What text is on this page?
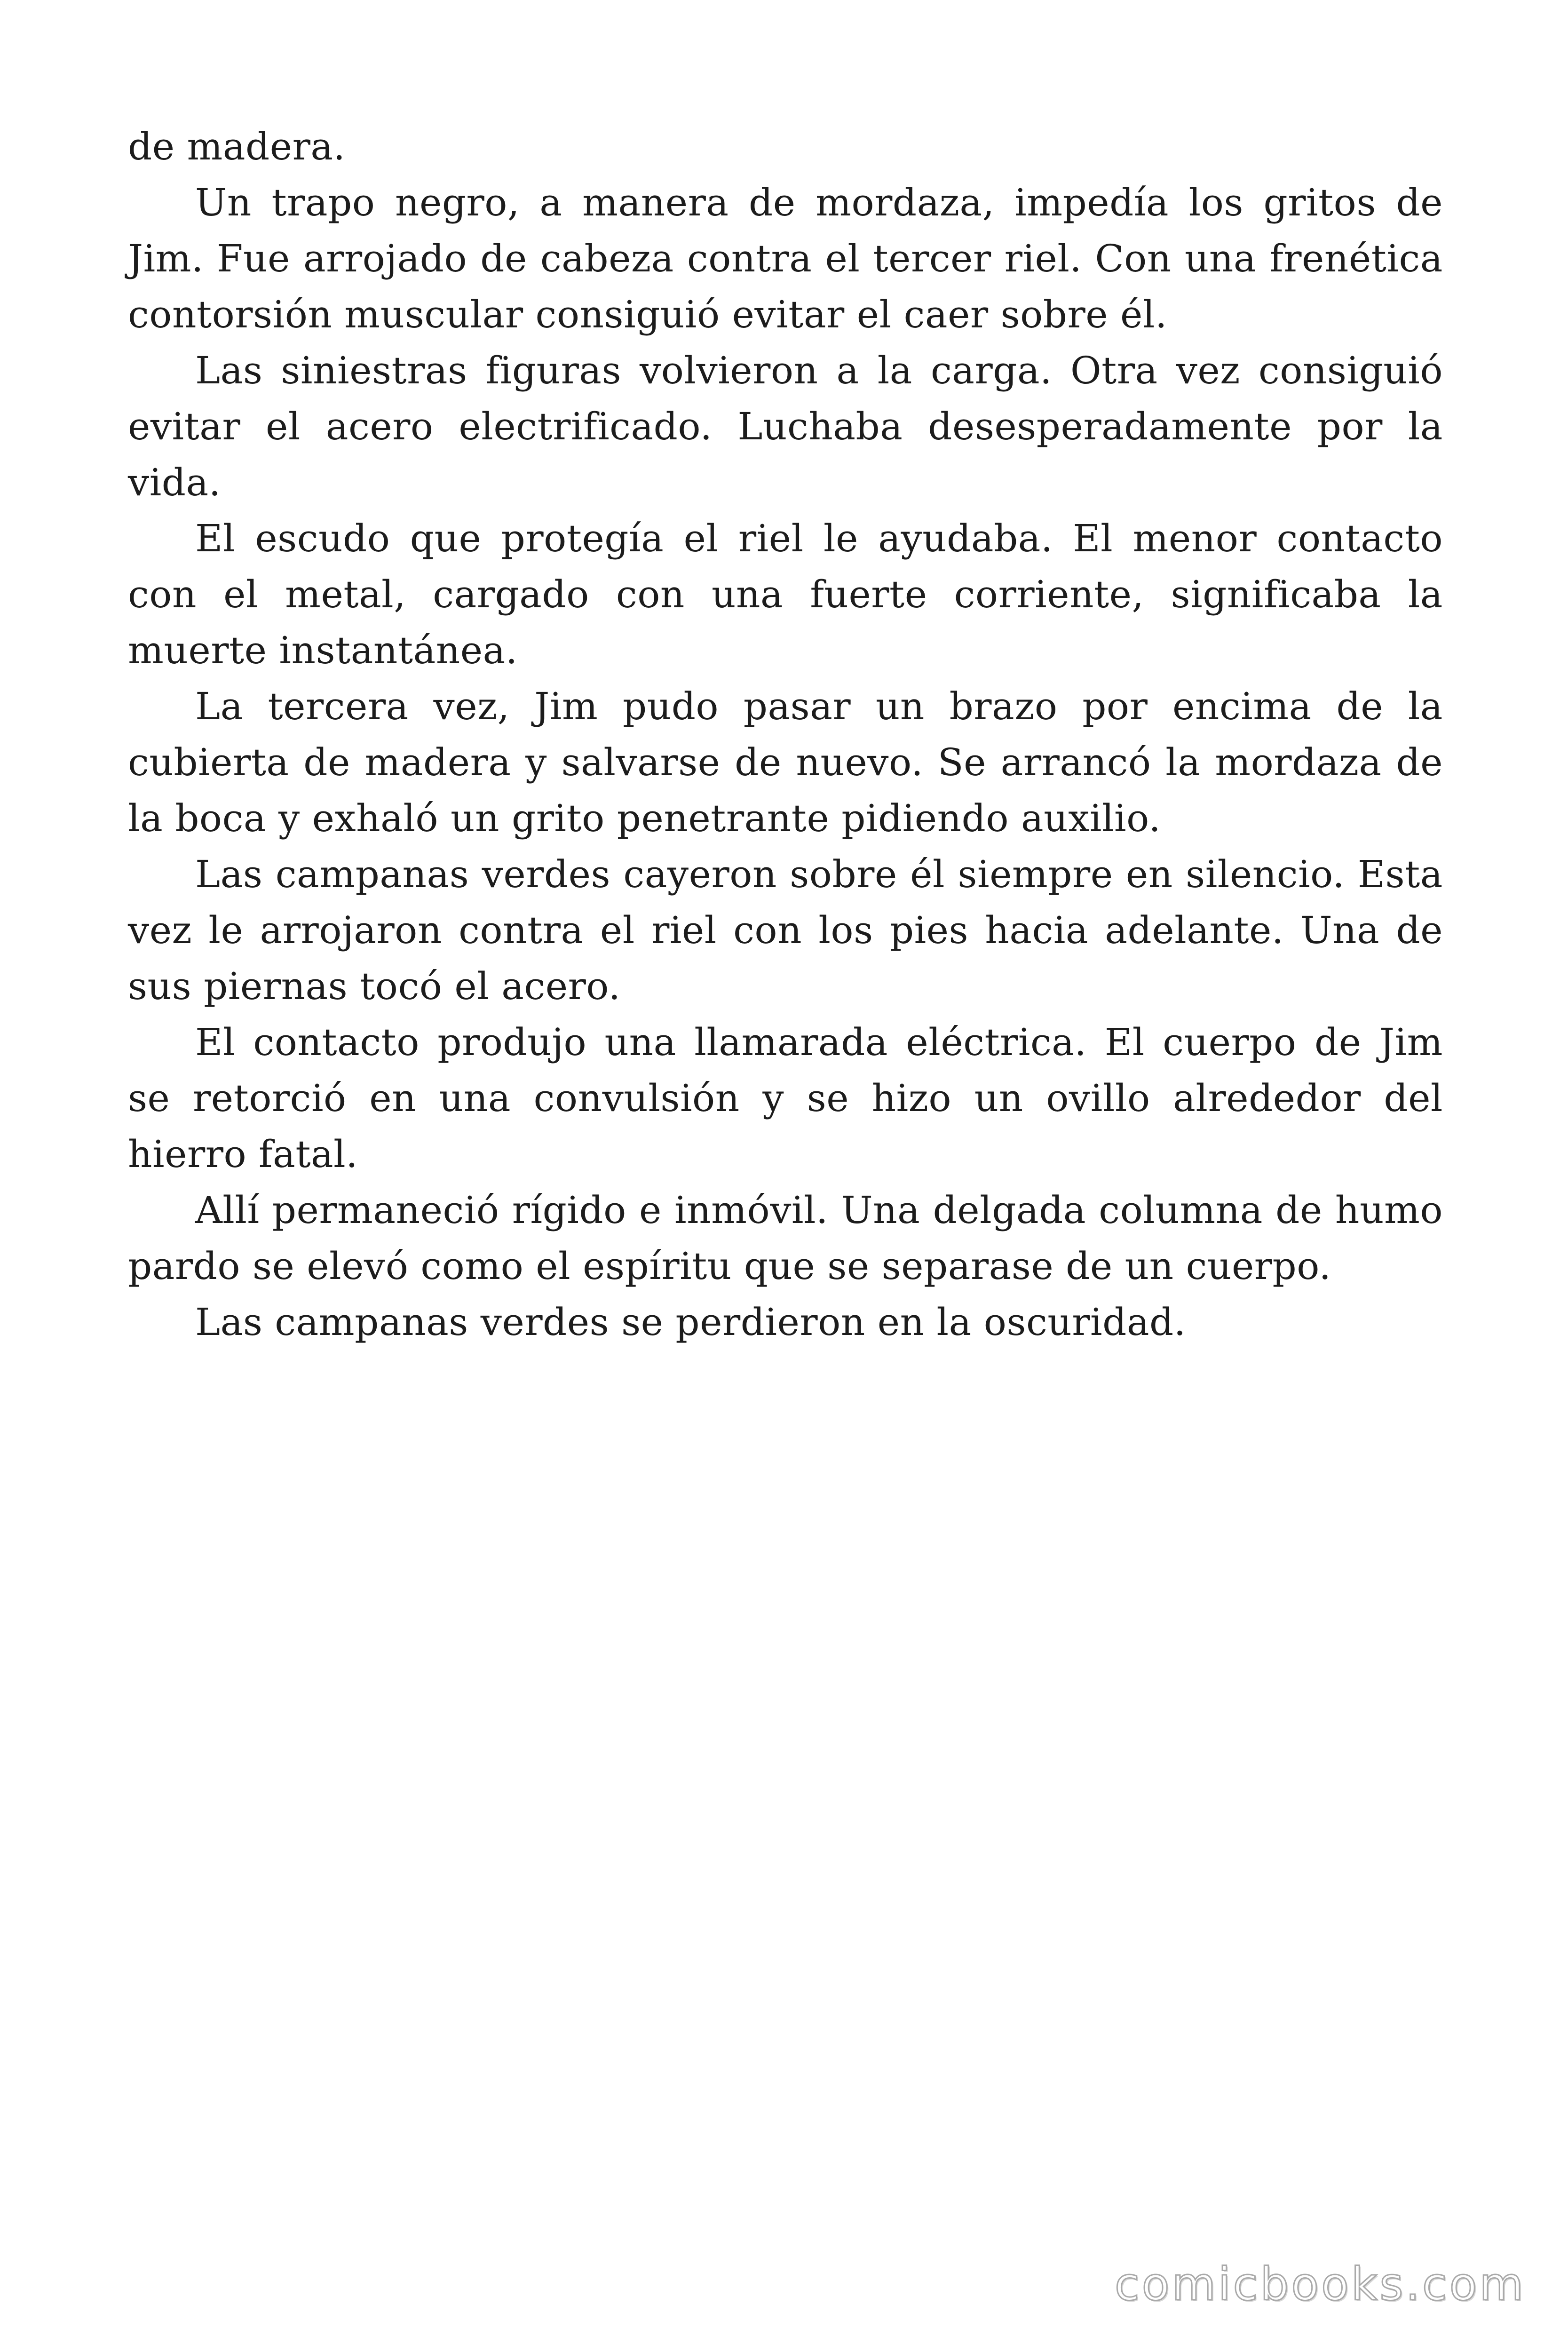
de madera.

Un trapo negro, a manera de mordaza, impedía los gritos de Jim. Fue arrojado de cabeza contra el tercer riel. Con una frenética contorsión muscular consiguió evitar el caer sobre él.

Las siniestras figuras volvieron a la carga. Otra vez consiguió evitar el acero electrificado. Luchaba desesperadamente por la vida.

El escudo que protegía el riel le ayudaba. El menor contacto con el metal, cargado con una fuerte corriente, significaba la muerte instantánea.

La tercera vez, Jim pudo pasar un brazo por encima de la cubierta de madera y salvarse de nuevo. Se arrancó la mordaza de la boca y exhaló un grito penetrante pidiendo auxilio.

Las campanas verdes cayeron sobre él siempre en silencio. Esta vez le arrojaron contra el riel con los pies hacia adelante. Una de sus piernas tocó el acero.

El contacto produjo una llamarada eléctrica. El cuerpo de Jim se retorció en una convulsión y se hizo un ovillo alrededor del hierro fatal.

Allí permaneció rígido e inmóvil. Una delgada columna de humo pardo se elevó como el espíritu que se separase de un cuerpo.

Las campanas verdes se perdieron en la oscuridad.

comicbooks.com
